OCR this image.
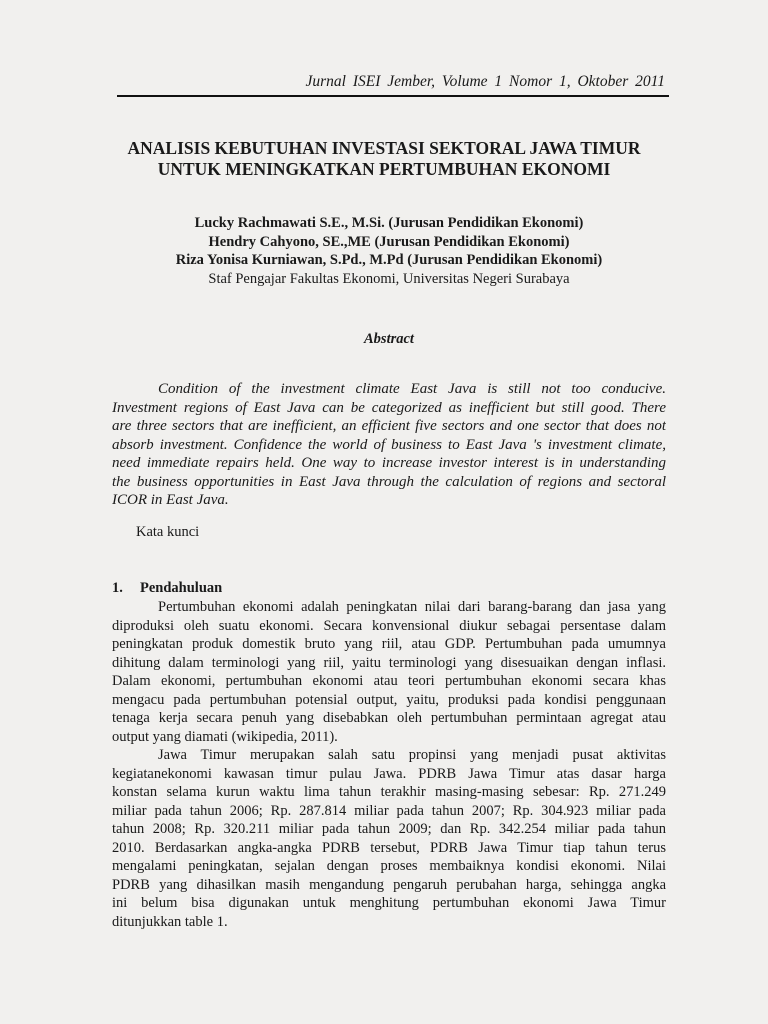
Jurnal ISEI Jember, Volume 1 Nomor 1, Oktober 2011
ANALISIS KEBUTUHAN INVESTASI SEKTORAL JAWA TIMUR
UNTUK MENINGKATKAN PERTUMBUHAN EKONOMI
Lucky Rachmawati S.E., M.Si. (Jurusan Pendidikan Ekonomi)
Hendry Cahyono, SE.,ME (Jurusan Pendidikan Ekonomi)
Riza Yonisa Kurniawan, S.Pd., M.Pd (Jurusan Pendidikan Ekonomi)
Staf Pengajar Fakultas Ekonomi, Universitas Negeri Surabaya
Abstract
Condition of the investment climate East Java is still not too conducive.
Investment regions of East Java can be categorized as inefficient but still good. There
are three sectors that are inefficient, an efficient five sectors and one sector that does not
absorb investment. Confidence the world of business to East Java 's investment climate,
need immediate repairs held. One way to increase investor interest is in understanding
the business opportunities in East Java through the calculation of regions and sectoral
ICOR in East Java.
Kata kunci
1. Pendahuluan
Pertumbuhan ekonomi adalah peningkatan nilai dari barang-barang dan jasa yang
diproduksi oleh suatu ekonomi. Secara konvensional diukur sebagai persentase dalam
peningkatan produk domestik bruto yang riil, atau GDP. Pertumbuhan pada umumnya
dihitung dalam terminologi yang riil, yaitu terminologi yang disesuaikan dengan inflasi.
Dalam ekonomi, pertumbuhan ekonomi atau teori pertumbuhan ekonomi secara khas
mengacu pada pertumbuhan potensial output, yaitu, produksi pada kondisi penggunaan
tenaga kerja secara penuh yang disebabkan oleh pertumbuhan permintaan agregat atau
output yang diamati (wikipedia, 2011).
Jawa Timur merupakan salah satu propinsi yang menjadi pusat aktivitas
kegiatanekonomi kawasan timur pulau Jawa. PDRB Jawa Timur atas dasar harga
konstan selama kurun waktu lima tahun terakhir masing-masing sebesar: Rp. 271.249
miliar pada tahun 2006; Rp. 287.814 miliar pada tahun 2007; Rp. 304.923 miliar pada
tahun 2008; Rp. 320.211 miliar pada tahun 2009; dan Rp. 342.254 miliar pada tahun
2010. Berdasarkan angka-angka PDRB tersebut, PDRB Jawa Timur tiap tahun terus
mengalami peningkatan, sejalan dengan proses membaiknya kondisi ekonomi. Nilai
PDRB yang dihasilkan masih mengandung pengaruh perubahan harga, sehingga angka
ini belum bisa digunakan untuk menghitung pertumbuhan ekonomi Jawa Timur
ditunjukkan table 1.
